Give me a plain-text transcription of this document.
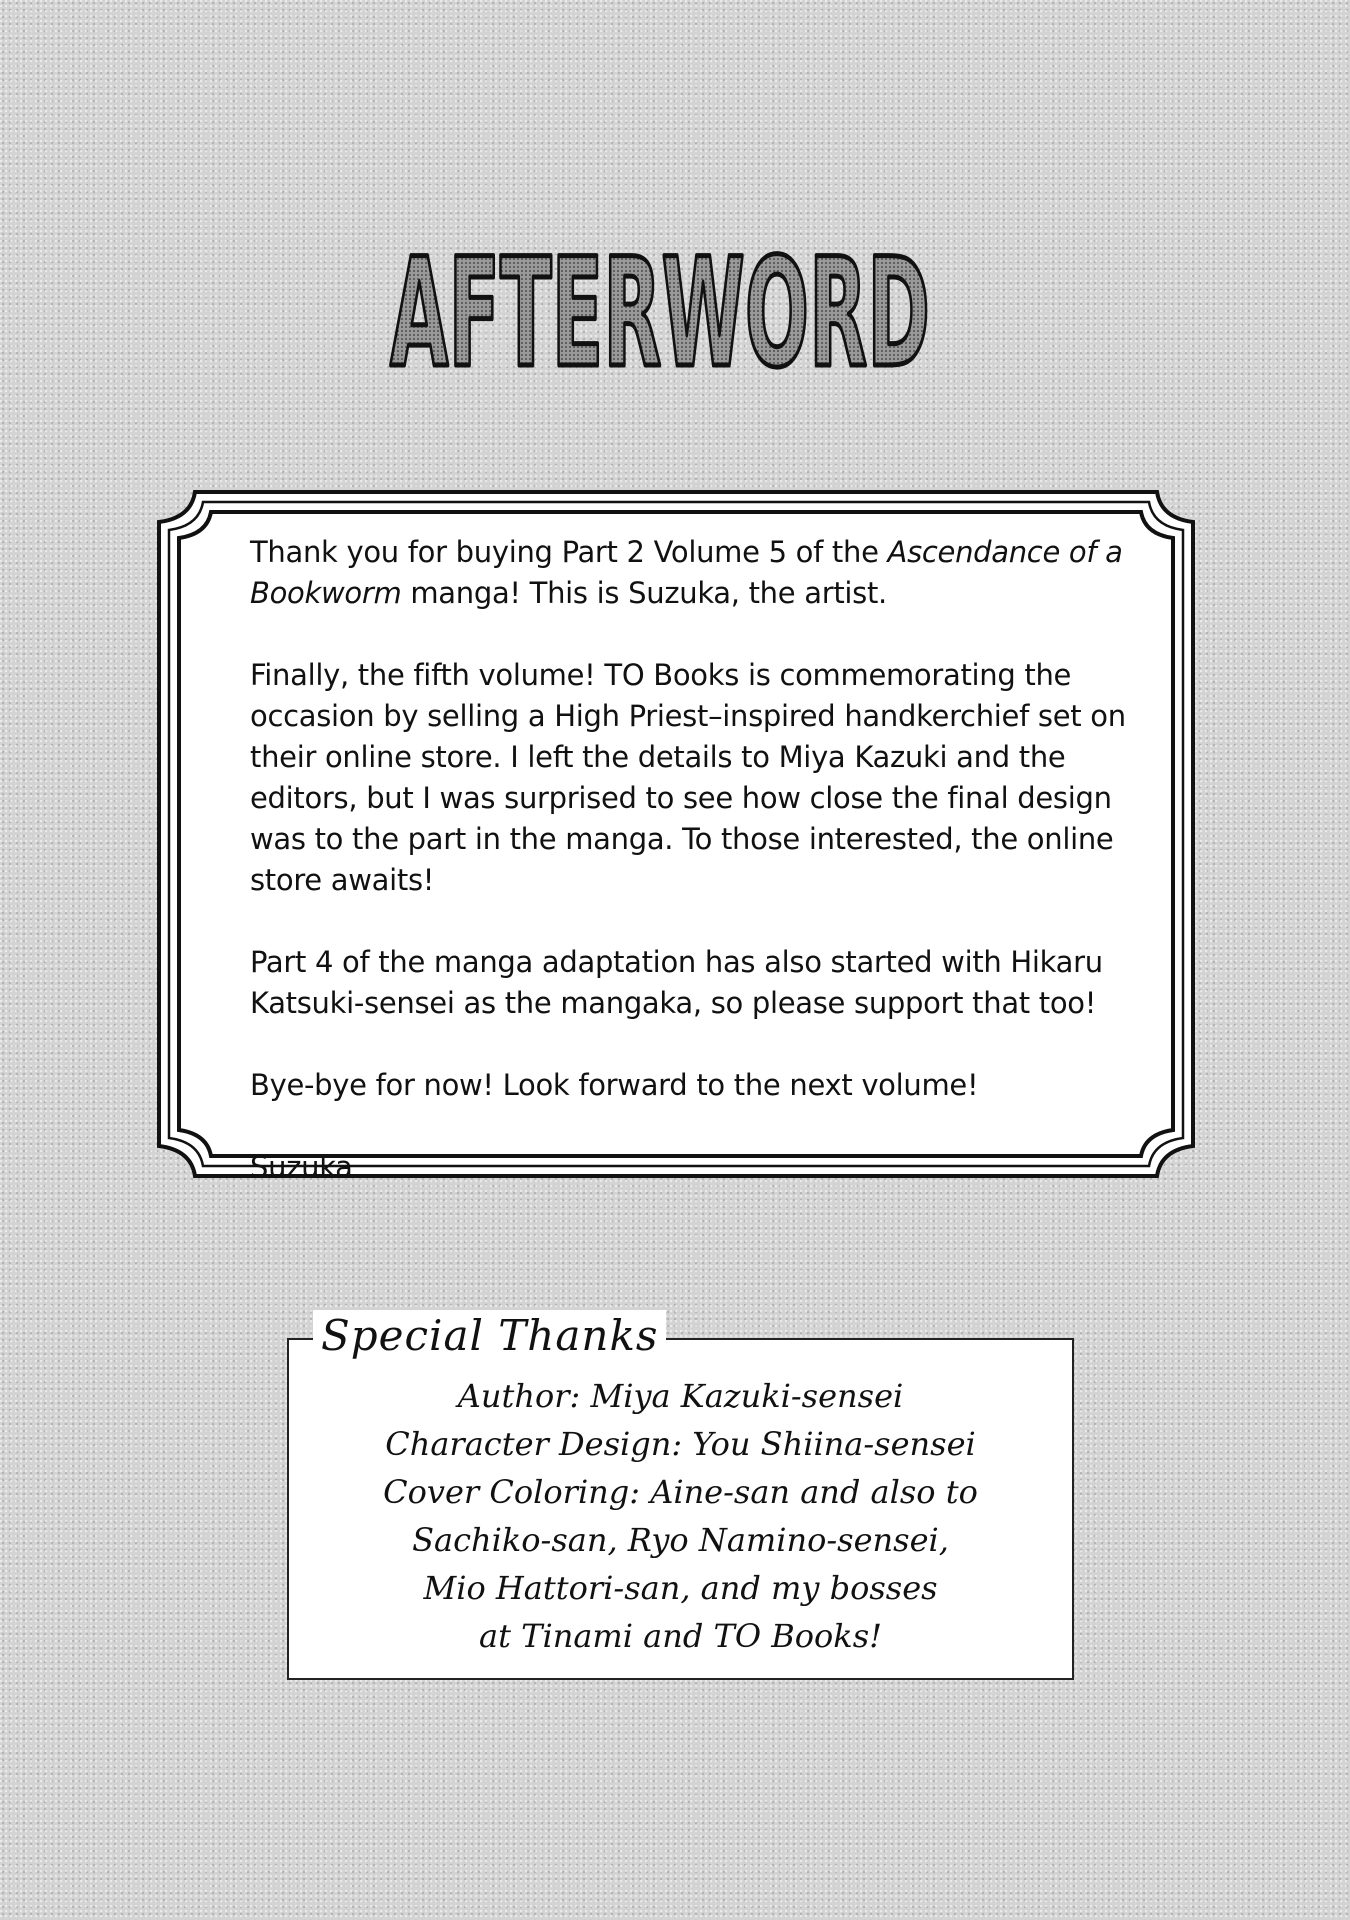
AFTERWORD

Thank you for buying Part 2 Volume 5 of the Ascendance of a Bookworm manga! This is Suzuka, the artist.

Finally, the fifth volume! TO Books is commemorating the occasion by selling a High Priest–inspired handkerchief set on their online store. I left the details to Miya Kazuki and the editors, but I was surprised to see how close the final design was to the part in the manga. To those interested, the online store awaits!

Part 4 of the manga adaptation has also started with Hikaru Katsuki-sensei as the mangaka, so please support that too!

Bye-bye for now! Look forward to the next volume!

Suzuka

Special Thanks
Author: Miya Kazuki-sensei
Character Design: You Shiina-sensei
Cover Coloring: Aine-san and also to
Sachiko-san, Ryo Namino-sensei,
Mio Hattori-san, and my bosses
at Tinami and TO Books!
